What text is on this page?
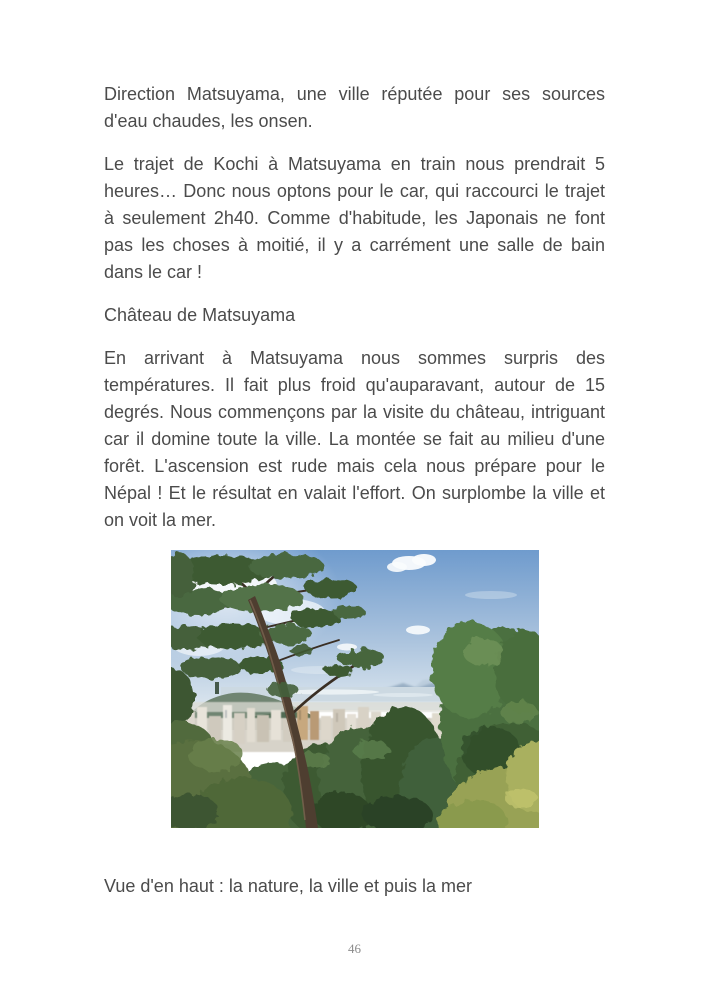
Direction Matsuyama, une ville réputée pour ses sources d'eau chaudes, les onsen.

Le trajet de Kochi à Matsuyama en train nous prendrait 5 heures… Donc nous optons pour le car, qui raccourci le trajet à seulement 2h40. Comme d'habitude, les Japonais ne font pas les choses à moitié, il y a carrément une salle de bain dans le car !

Château de Matsuyama

En arrivant à Matsuyama nous sommes surpris des températures. Il fait plus froid qu'auparavant, autour de 15 degrés. Nous commençons par la visite du château, intriguant car il domine toute la ville. La montée se fait au milieu d'une forêt. L'ascension est rude mais cela nous prépare pour le Népal ! Et le résultat en valait l'effort. On surplombe la ville et on voit la mer.

Vue d'en haut : la nature, la ville et puis la mer

46
